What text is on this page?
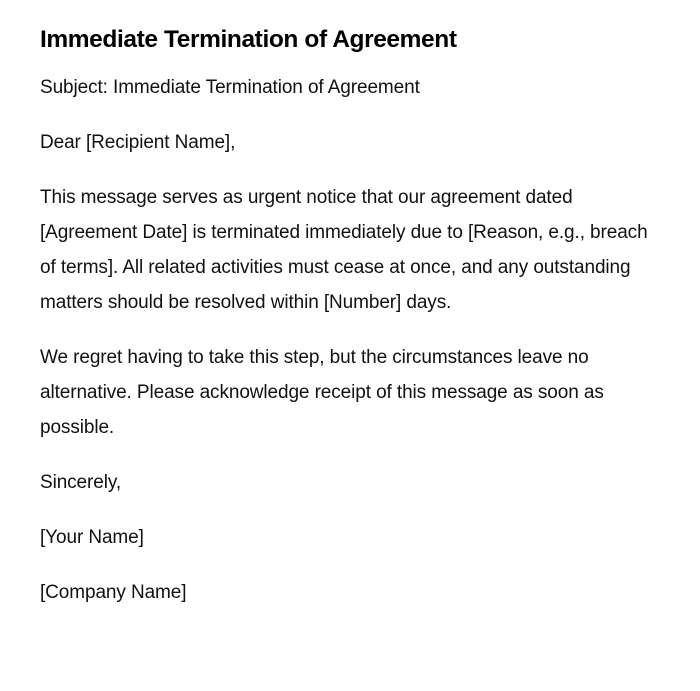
Immediate Termination of Agreement

Subject: Immediate Termination of Agreement

Dear [Recipient Name],

This message serves as urgent notice that our agreement dated [Agreement Date] is terminated immediately due to [Reason, e.g., breach of terms]. All related activities must cease at once, and any outstanding matters should be resolved within [Number] days.

We regret having to take this step, but the circumstances leave no alternative. Please acknowledge receipt of this message as soon as possible.

Sincerely,

[Your Name]

[Company Name]
